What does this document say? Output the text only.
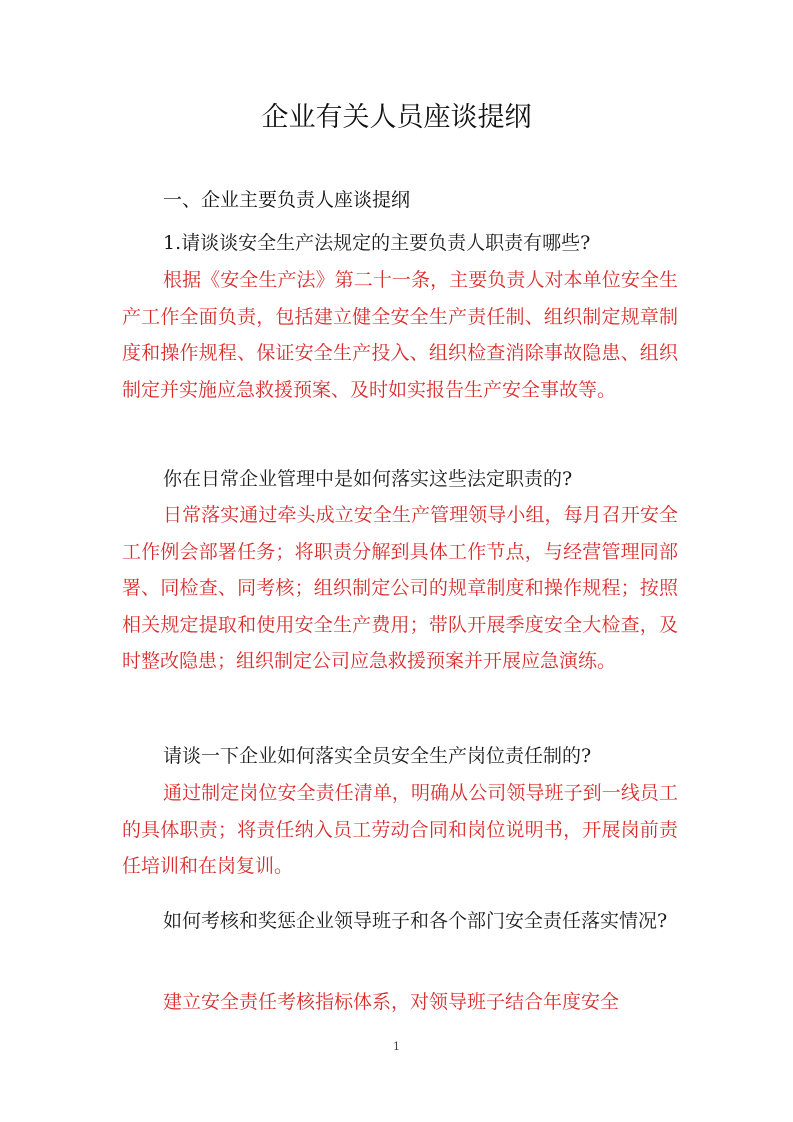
企业有关人员座谈提纲
一、企业主要负责人座谈提纲

1.请谈谈安全生产法规定的主要负责人职责有哪些?

根据《安全生产法》第二十一条，主要负责人对本单位安全生产工作全面负责，包括建立健全安全生产责任制、组织制定规章制度和操作规程、保证安全生产投入、组织检查消除事故隐患、组织制定并实施应急救援预案、及时如实报告生产安全事故等。

你在日常企业管理中是如何落实这些法定职责的?

日常落实通过牵头成立安全生产管理领导小组，每月召开安全工作例会部署任务；将职责分解到具体工作节点，与经营管理同部署、同检查、同考核；组织制定公司的规章制度和操作规程；按照相关规定提取和使用安全生产费用；带队开展季度安全大检查，及时整改隐患；组织制定公司应急救援预案并开展应急演练。

请谈一下企业如何落实全员安全生产岗位责任制的?

通过制定岗位安全责任清单，明确从公司领导班子到一线员工的具体职责；将责任纳入员工劳动合同和岗位说明书，开展岗前责任培训和在岗复训。

如何考核和奖惩企业领导班子和各个部门安全责任落实情况?

建立安全责任考核指标体系，对领导班子结合年度安全

1
